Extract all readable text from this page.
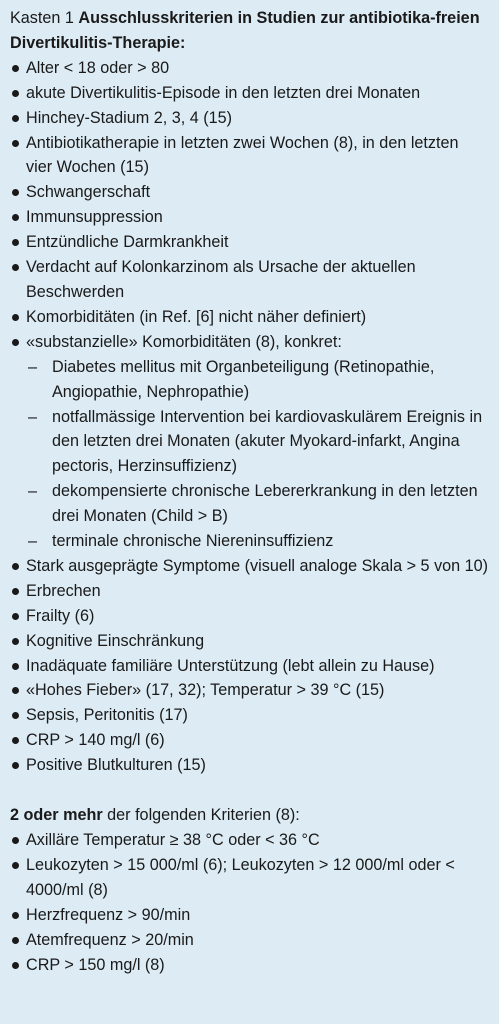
Kasten 1 Ausschlusskriterien in Studien zur antibiotika-freien Divertikulitis-Therapie:

Alter < 18 oder > 80
akute Divertikulitis-Episode in den letzten drei Monaten
Hinchey-Stadium 2, 3, 4 (15)
Antibiotikatherapie in letzten zwei Wochen (8), in den letzten vier Wochen (15)
Schwangerschaft
Immunsuppression
Entzündliche Darmkrankheit
Verdacht auf Kolonkarzinom als Ursache der aktuellen Beschwerden
Komorbiditäten (in Ref. [6] nicht näher definiert)
«substanzielle» Komorbiditäten (8), konkret:
– Diabetes mellitus mit Organbeteiligung (Retinopathie, Angiopathie, Nephropathie)
– notfallmässige Intervention bei kardiovaskulärem Ereignis in den letzten drei Monaten (akuter Myokard-infarkt, Angina pectoris, Herzinsuffizienz)
– dekompensierte chronische Lebererkrankung in den letzten drei Monaten (Child > B)
– terminale chronische Niereninsuffizienz
Stark ausgeprägte Symptome (visuell analoge Skala > 5 von 10)
Erbrechen
Frailty (6)
Kognitive Einschränkung
Inadäquate familiäre Unterstützung (lebt allein zu Hause)
«Hohes Fieber» (17, 32); Temperatur > 39 °C (15)
Sepsis, Peritonitis (17)
CRP > 140 mg/l (6)
Positive Blutkulturen (15)

2 oder mehr der folgenden Kriterien (8):

Axilläre Temperatur ≥ 38 °C oder < 36 °C
Leukozyten > 15 000/ml (6); Leukozyten > 12 000/ml oder < 4000/ml (8)
Herzfrequenz > 90/min
Atemfrequenz > 20/min
CRP > 150 mg/l (8)
